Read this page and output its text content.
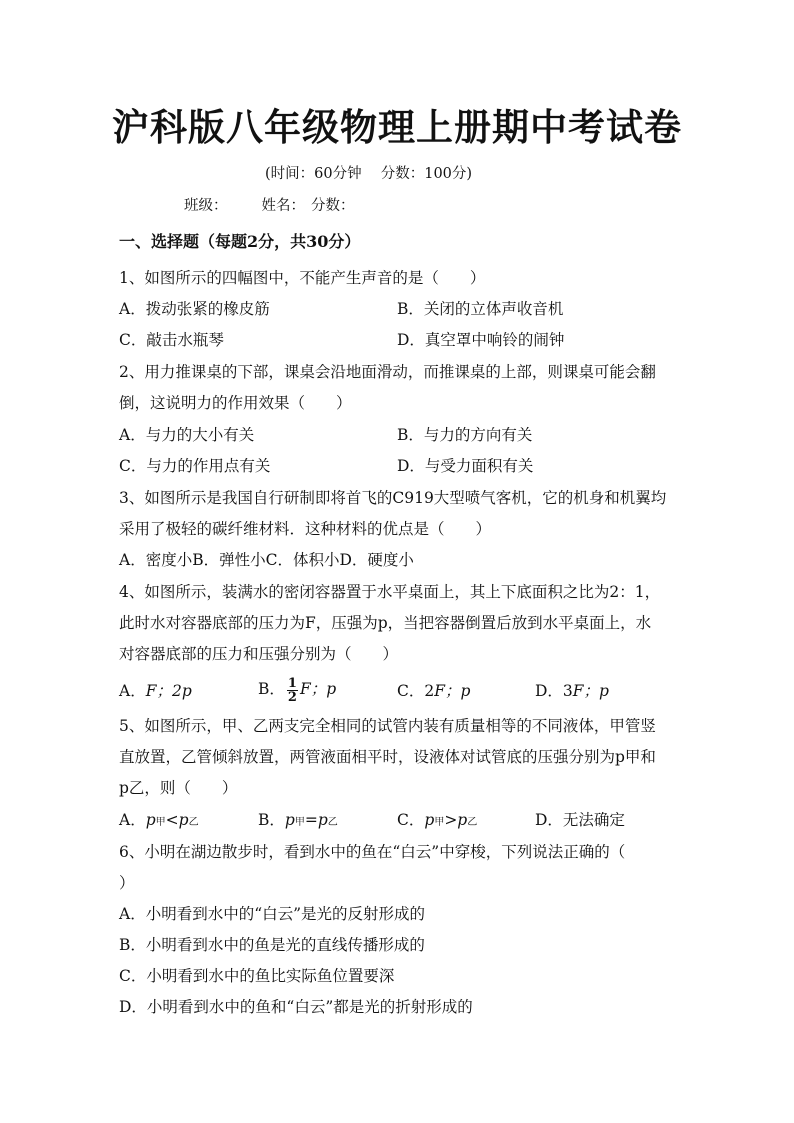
沪科版八年级物理上册期中考试卷
(时间：60分钟　 分数：100分)
班级： 姓名： 分数：
一、选择题（每题2分，共30分）
1、如图所示的四幅图中，不能产生声音的是（　　）
A．拨动张紧的橡皮筋	B．关闭的立体声收音机
C．敲击水瓶琴	D．真空罩中响铃的闹钟
2、用力推课桌的下部，课桌会沿地面滑动，而推课桌的上部，则课桌可能会翻
倒，这说明力的作用效果（　　）
A．与力的大小有关	B．与力的方向有关
C．与力的作用点有关	D．与受力面积有关
3、如图所示是我国自行研制即将首飞的C919大型喷气客机，它的机身和机翼均
采用了极轻的碳纤维材料．这种材料的优点是（　　）
A．密度小B．弹性小C．体积小D．硬度小
4、如图所示，装满水的密闭容器置于水平桌面上，其上下底面积之比为2：1，
此时水对容器底部的压力为F，压强为p，当把容器倒置后放到水平桌面上，水
对容器底部的压力和压强分别为（　　）
A．F；2p	B． $\frac{1}{2}$ F；p	C．2F；p	D．3F；p
5、如图所示，甲、乙两支完全相同的试管内装有质量相等的不同液体，甲管竖
直放置，乙管倾斜放置，两管液面相平时，设液体对试管底的压强分别为p甲和
p乙，则（　　）
A．p甲<p乙	B．p甲=p乙	C．p甲>p乙	D．无法确定
6、小明在湖边散步时，看到水中的鱼在“白云”中穿梭，下列说法正确的（
）
A．小明看到水中的“白云”是光的反射形成的
B．小明看到水中的鱼是光的直线传播形成的
C．小明看到水中的鱼比实际鱼位置要深
D．小明看到水中的鱼和“白云”都是光的折射形成的
